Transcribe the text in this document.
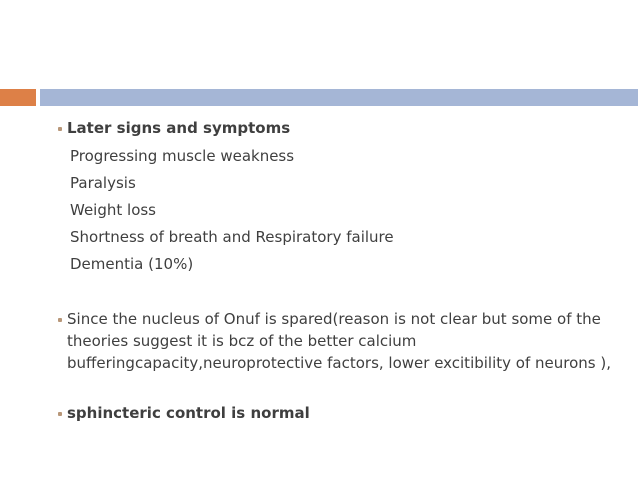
Later signs and symptoms
Progressing muscle weakness
Paralysis
Weight loss
Shortness of breath and Respiratory failure
Dementia (10%)
Since the nucleus of Onuf is spared(reason is not clear but some of the
theories suggest it is bcz of the better calcium
bufferingcapacity,neuroprotective factors, lower excitibility of neurons ),
sphincteric control is normal
